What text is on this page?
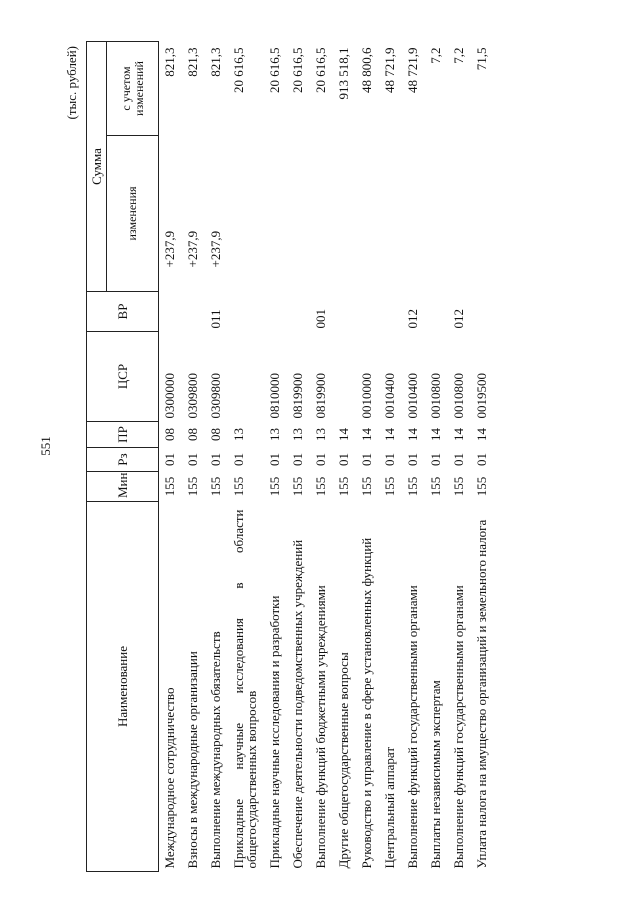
551
(тыс. рублей)
Наименование	Мин	Рз	ПР	ЦСР	ВР	Сумма	
						изменения	с учетом изменений
Международное сотрудничество	155	01	08	0300000		+237,9	821,3
Взносы в международные организации	155	01	08	0309800		+237,9	821,3
Выполнение международных обязательств	155	01	08	0309800	011	+237,9	821,3
Прикладные научные исследования в области общегосударственных вопросов	155	01	13				20 616,5
Прикладные научные исследования и разработки	155	01	13	0810000			20 616,5
Обеспечение деятельности подведомственных учреждений	155	01	13	0819900			20 616,5
Выполнение функций бюджетными учреждениями	155	01	13	0819900	001		20 616,5
Другие общегосударственные вопросы	155	01	14				913 518,1
Руководство и управление в сфере установленных функций	155	01	14	0010000			48 800,6
Центральный аппарат	155	01	14	0010400			48 721,9
Выполнение функций государственными органами	155	01	14	0010400	012		48 721,9
Выплаты независимым экспертам	155	01	14	0010800			7,2
Выполнение функций государственными органами	155	01	14	0010800	012		7,2
Уплата налога на имущество организаций и земельного налога	155	01	14	0019500			71,5
